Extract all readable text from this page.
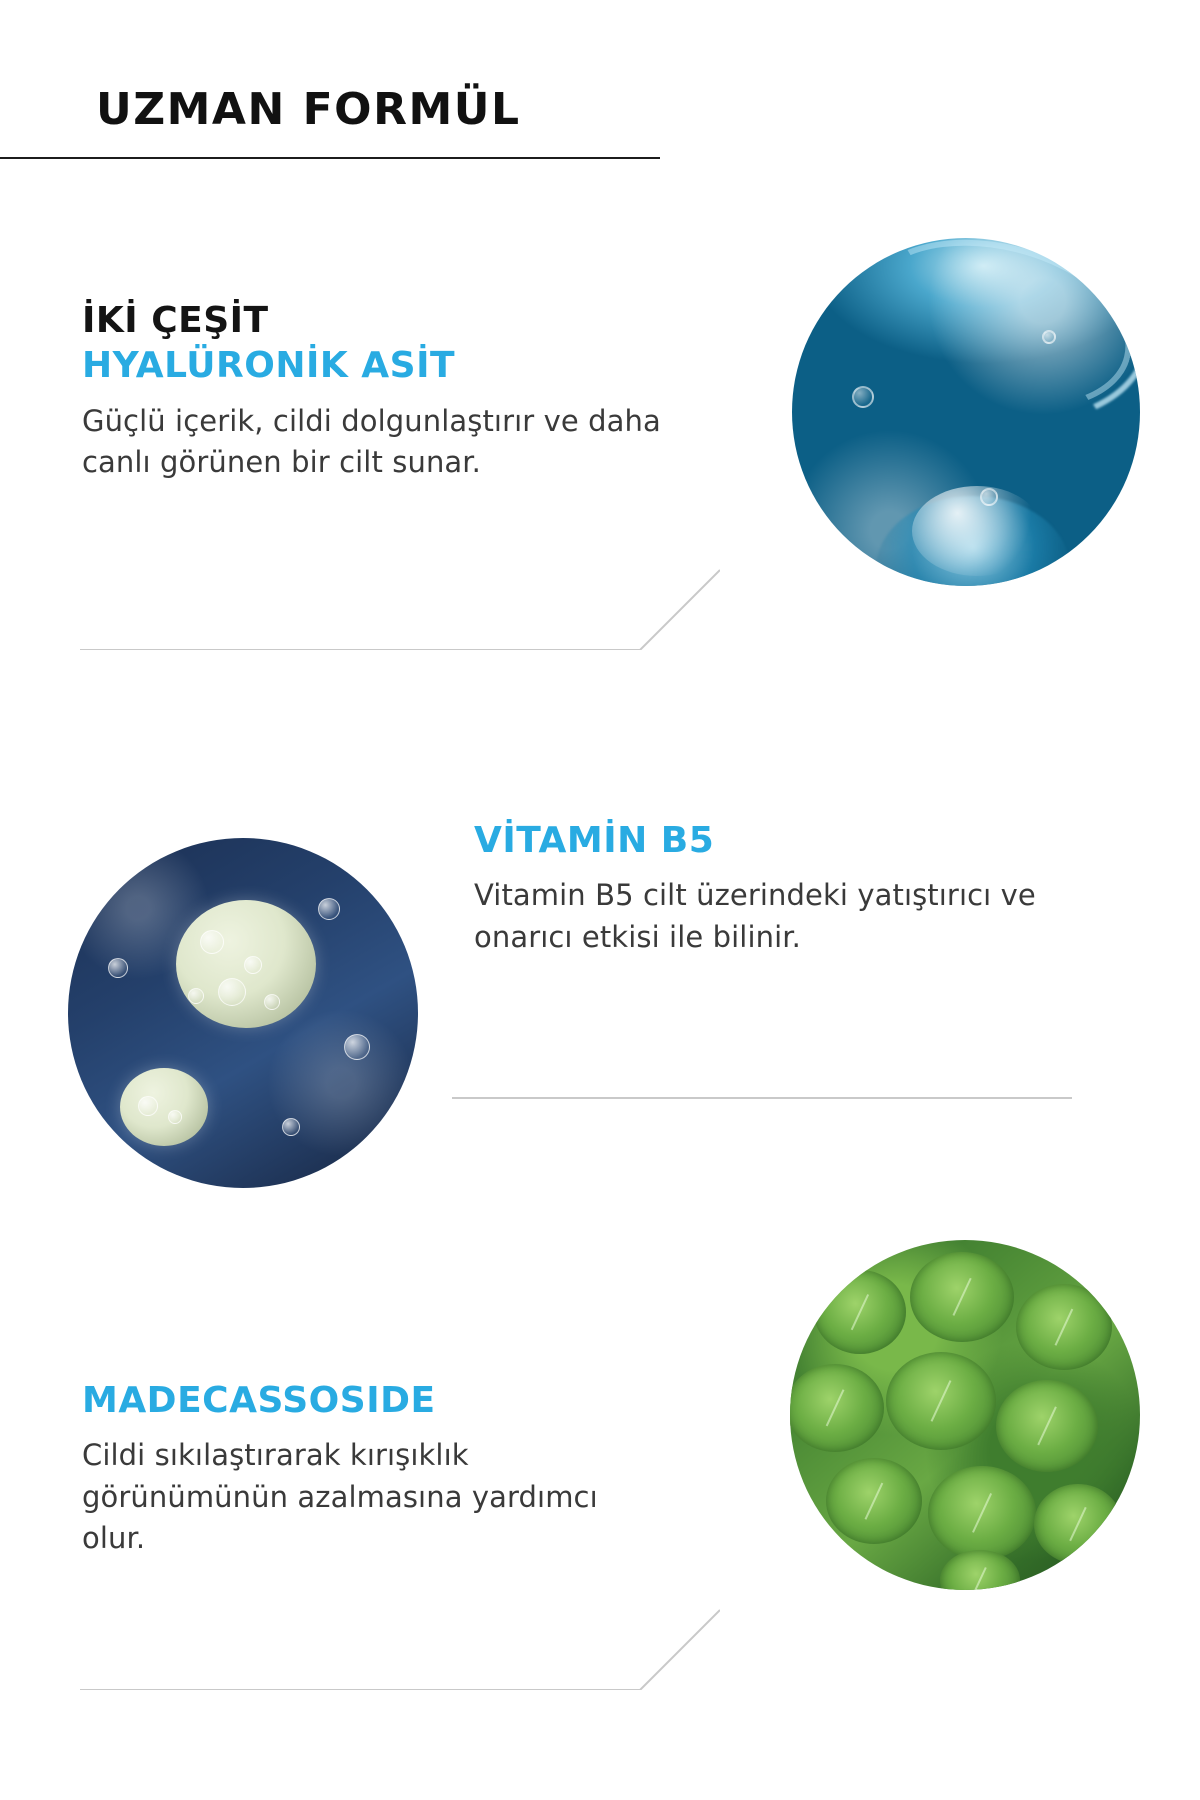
UZMAN FORMÜL
İKİ ÇEŞİT
HYALÜRONİK ASİT

Güçlü içerik, cildi dolgunlaştırır ve daha canlı görünen bir cilt sunar.

VİTAMİN B5

Vitamin B5 cilt üzerindeki yatıştırıcı ve onarıcı etkisi ile bilinir.

MADECASSOSIDE

Cildi sıkılaştırarak kırışıklık görünümünün azalmasına yardımcı olur.
